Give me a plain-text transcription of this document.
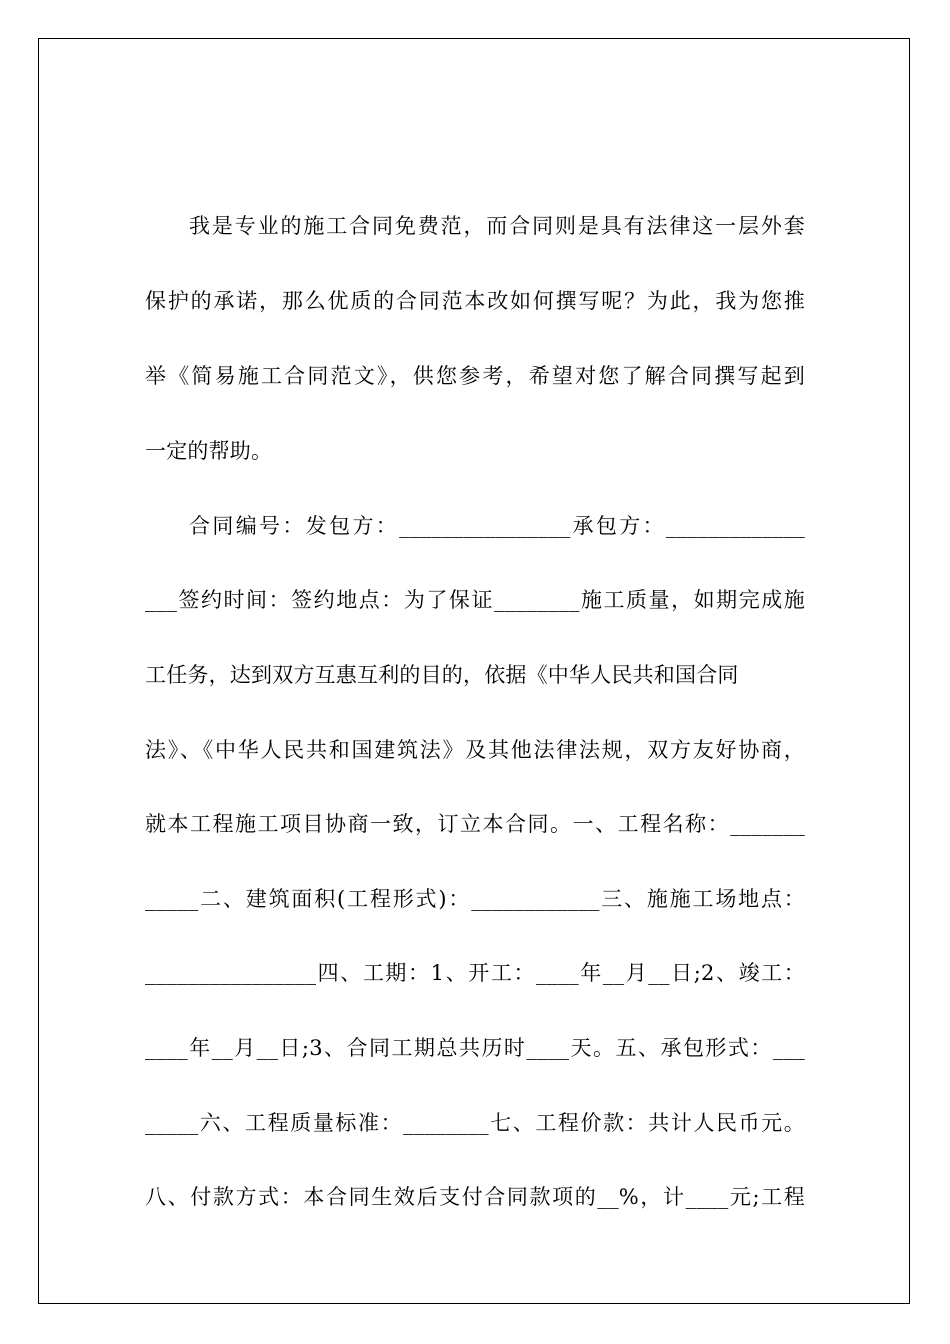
我是专业的施工合同免费范，而合同则是具有法律这一层外套
保护的承诺，那么优质的合同范本改如何撰写呢？为此，我为您推
举《简易施工合同范文》，供您参考，希望对您了解合同撰写起到
一定的帮助。
合同编号：发包方：________________承包方：_____________
___签约时间：签约地点：为了保证________施工质量，如期完成施
工任务，达到双方互惠互利的目的，依据《中华人民共和国合同
法》、《中华人民共和国建筑法》及其他法律法规，双方友好协商，
就本工程施工项目协商一致，订立本合同。一、工程名称：_______
_____二、建筑面积(工程形式)：____________三、施施工场地点：
________________四、工期：1、开工：____年__月__日;2、竣工：
____年__月__日;3、合同工期总共历时____天。五、承包形式：___
_____六、工程质量标准：________七、工程价款：共计人民币元。
八、付款方式：本合同生效后支付合同款项的__%，计____元;工程
